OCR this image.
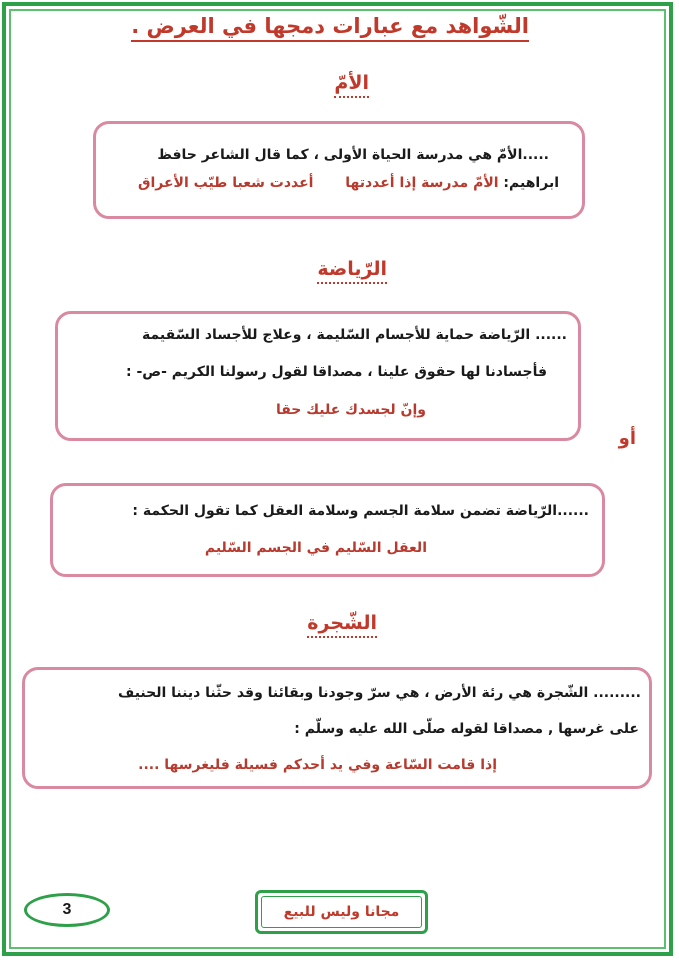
الشّواهد مع عبارات دمجها في العرض .
الأمّ
.....الأمّ هي مدرسة الحياة الأولى ، كما قال الشاعر حافظ
ابراهيم: الأمّ مدرسة إذا أعددتها  أعددت شعبا طيّب الأعراق
الرّياضة
...... الرّياضة حماية للأجسام السّليمة ، وعلاج للأجساد السّقيمة
فأجسادنا لها حقوق علينا ، مصداقا لقول رسولنا الكريم -ص- :
وإنّ لجسدك عليك حقا
أو
......الرّياضة تضمن سلامة الجسم وسلامة العقل كما تقول الحكمة :
العقل السّليم في الجسم السّليم
الشّجرة
......... الشّجرة هي رئة الأرض ، هي سرّ وجودنا وبقائنا وقد حثّنا ديننا الحنيف
على غرسها , مصداقا لقوله صلّى الله عليه وسلّم :
إذا قامت السّاعة وفي يد أحدكم فسيلة فليغرسها ....
3	مجانا وليس للبيع
